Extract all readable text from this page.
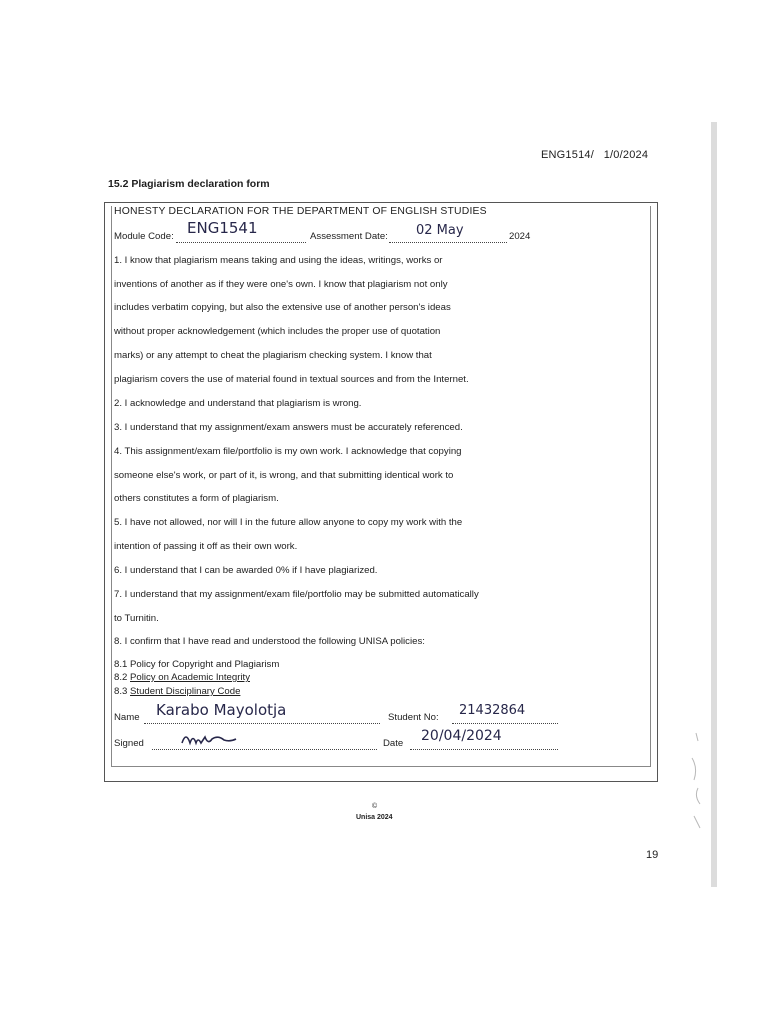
ENG1514/   1/0/2024
15.2 Plagiarism declaration form
HONESTY DECLARATION FOR THE DEPARTMENT OF ENGLISH STUDIES
Module Code: ENG1541	Assessment Date: 02 May	2024
1. I know that plagiarism means taking and using the ideas, writings, works or
inventions of another as if they were one's own. I know that plagiarism not only
includes verbatim copying, but also the extensive use of another person's ideas
without proper acknowledgement (which includes the proper use of quotation
marks) or any attempt to cheat the plagiarism checking system. I know that
plagiarism covers the use of material found in textual sources and from the Internet.
2. I acknowledge and understand that plagiarism is wrong.
3. I understand that my assignment/exam answers must be accurately referenced.
4. This assignment/exam file/portfolio is my own work. I acknowledge that copying
someone else's work, or part of it, is wrong, and that submitting identical work to
others constitutes a form of plagiarism.
5. I have not allowed, nor will I in the future allow anyone to copy my work with the
intention of passing it off as their own work.
6. I understand that I can be awarded 0% if I have plagiarized.
7. I understand that my assignment/exam file/portfolio may be submitted automatically
to Turnitin.
8. I confirm that I have read and understood the following UNISA policies:
8.1 Policy for Copyright and Plagiarism
8.2 Policy on Academic Integrity
8.3 Student Disciplinary Code
Name Karabo Mayolotja	Student No: 21432864
Signed	Date 20/04/2024
©
Unisa 2024
19
